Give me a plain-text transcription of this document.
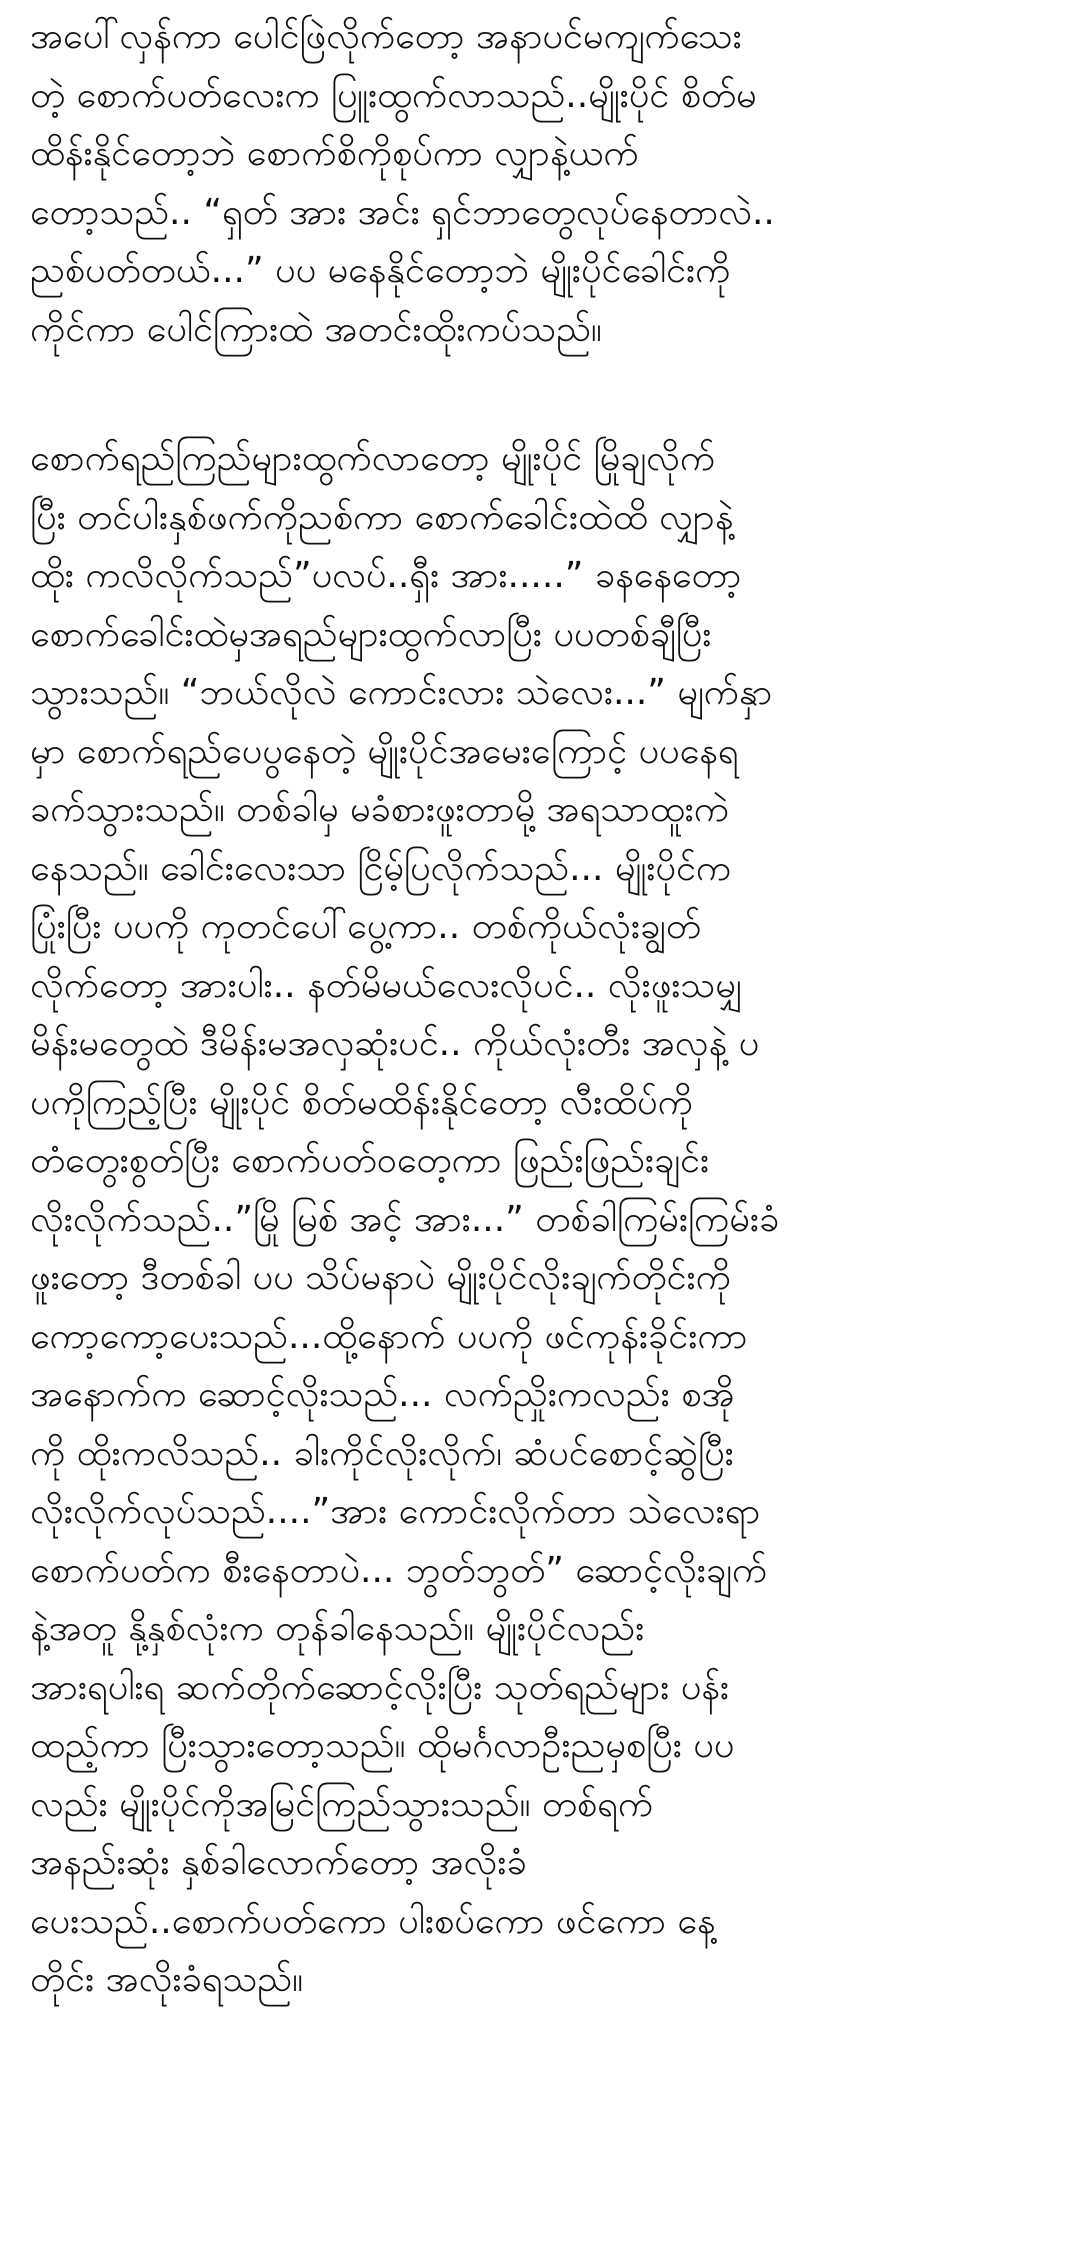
အပေါ်လှန်ကာ ပေါင်ဖြဲလိုက်တော့ အနာပင်မကျက်သေး
တဲ့ စောက်ပတ်လေးက ပြူးထွက်လာသည်..မျိုးပိုင် စိတ်မ
ထိန်းနိုင်တော့ဘဲ စောက်စိကိုစုပ်ကာ လျှာနဲ့ယက်
တော့သည်.. “ရှတ် အား အင်း ရှင်ဘာတွေလုပ်နေတာလဲ..
ညစ်ပတ်တယ်...” ပပ မနေနိုင်တော့ဘဲ မျိုးပိုင်ခေါင်းကို
ကိုင်ကာ ပေါင်ကြားထဲ အတင်းထိုးကပ်သည်။
စောက်ရည်ကြည်များထွက်လာတော့ မျိုးပိုင် မြိုချလိုက်
ပြီး တင်ပါးနှစ်ဖက်ကိုညစ်ကာ စောက်ခေါင်းထဲထိ လျှာနဲ့
ထိုး ကလိလိုက်သည်”ပလပ်..ရှီး အား.....” ခနနေတော့
စောက်ခေါင်းထဲမှအရည်များထွက်လာပြီး ပပတစ်ချီပြီး
သွားသည်။ “ဘယ်လိုလဲ ကောင်းလား သဲလေး...” မျက်နှာ
မှာ စောက်ရည်ပေပွနေတဲ့ မျိုးပိုင်အမေးကြောင့် ပပနေရ
ခက်သွားသည်။ တစ်ခါမှ မခံစားဖူးတာမို့ အရသာထူးကဲ
နေသည်။ ခေါင်းလေးသာ ငြိမ့်ပြလိုက်သည်... မျိုးပိုင်က
ပြုံးပြီး ပပကို ကုတင်ပေါ်ပွေ့ကာ.. တစ်ကိုယ်လုံးချွတ်
လိုက်တော့ အားပါး.. နတ်မိမယ်လေးလိုပင်.. လိုးဖူးသမျှ
မိန်းမတွေထဲ ဒီမိန်းမအလှဆုံးပင်.. ကိုယ်လုံးတီး အလှနဲ့ ပ
ပကိုကြည့်ပြီး မျိုးပိုင် စိတ်မထိန်းနိုင်တော့ လီးထိပ်ကို
တံတွေးစွတ်ပြီး စောက်ပတ်ဝတေ့ကာ ဖြည်းဖြည်းချင်း
လိုးလိုက်သည်..”မြို မြစ် အင့် အား...” တစ်ခါကြမ်းကြမ်းခံ
ဖူးတော့ ဒီတစ်ခါ ပပ သိပ်မနာပဲ မျိုးပိုင်လိုးချက်တိုင်းကို
ကော့ကော့ပေးသည်...ထို့နောက် ပပကို ဖင်ကုန်းခိုင်းကာ
အနောက်က ဆောင့်လိုးသည်... လက်ညှိုးကလည်း စအို
ကို ထိုးကလိသည်.. ခါးကိုင်လိုးလိုက်၊ ဆံပင်စောင့်ဆွဲပြီး
လိုးလိုက်လုပ်သည်....”အား ကောင်းလိုက်တာ သဲလေးရာ
စောက်ပတ်က စီးနေတာပဲ... ဘွတ်ဘွတ်” ဆောင့်လိုးချက်
နဲ့အတူ နို့နှစ်လုံးက တုန်ခါနေသည်။ မျိုးပိုင်လည်း
အားရပါးရ ဆက်တိုက်ဆောင့်လိုးပြီး သုတ်ရည်များ ပန်း
ထည့်ကာ ပြီးသွားတော့သည်။ ထိုမင်္ဂလာဦးညမှစပြီး ပပ
လည်း မျိုးပိုင်ကိုအမြင်ကြည်သွားသည်။ တစ်ရက်
အနည်းဆုံး နှစ်ခါလောက်တော့ အလိုးခံ
ပေးသည်..စောက်ပတ်ကော ပါးစပ်ကော ဖင်ကော နေ့
တိုင်း အလိုးခံရသည်။
